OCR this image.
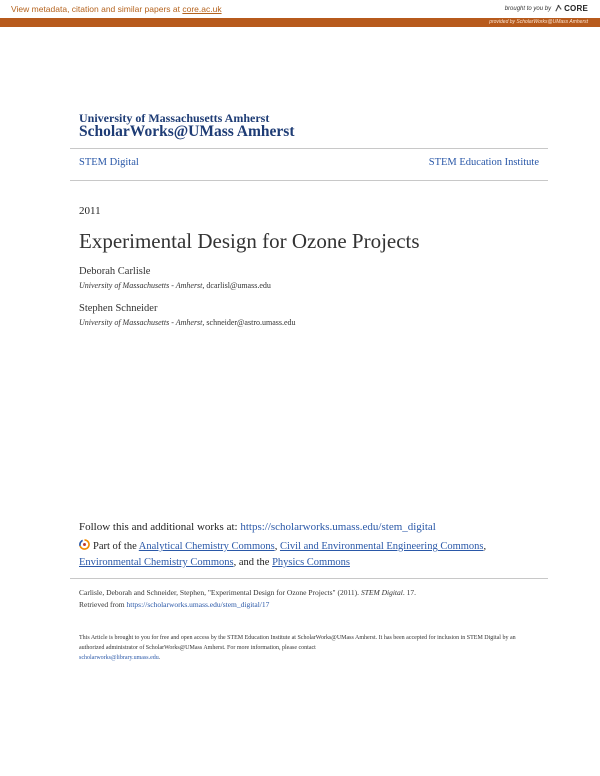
View metadata, citation and similar papers at core.ac.uk	brought to you by CORE
provided by ScholarWorks@UMass Amherst
University of Massachusetts Amherst
ScholarWorks@UMass Amherst
STEM Digital	STEM Education Institute
2011
Experimental Design for Ozone Projects
Deborah Carlisle
University of Massachusetts - Amherst, dcarlisl@umass.edu
Stephen Schneider
University of Massachusetts - Amherst, schneider@astro.umass.edu
Follow this and additional works at: https://scholarworks.umass.edu/stem_digital
Part of the Analytical Chemistry Commons, Civil and Environmental Engineering Commons,
Environmental Chemistry Commons, and the Physics Commons
Carlisle, Deborah and Schneider, Stephen, "Experimental Design for Ozone Projects" (2011). STEM Digital. 17.
Retrieved from https://scholarworks.umass.edu/stem_digital/17
This Article is brought to you for free and open access by the STEM Education Institute at ScholarWorks@UMass Amherst. It has been accepted for inclusion in STEM Digital by an authorized administrator of ScholarWorks@UMass Amherst. For more information, please contact
scholarworks@library.umass.edu.
